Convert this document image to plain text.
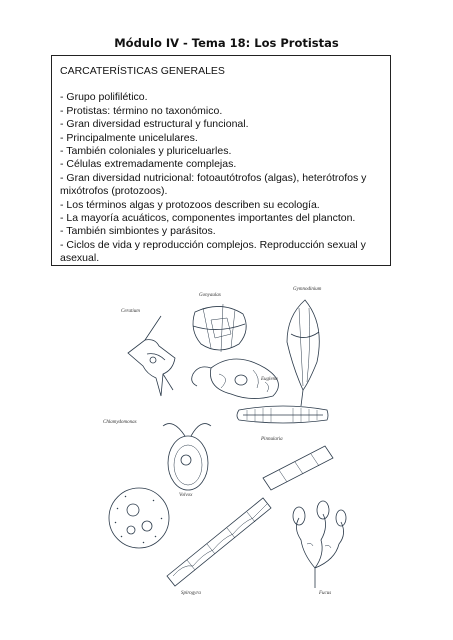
Módulo IV - Tema 18: Los Protistas
CARCATERÍSTICAS GENERALES
- Grupo polifilético.
- Protistas: término no taxonómico.
- Gran diversidad estructural y funcional.
- Principalmente unicelulares.
- También coloniales y pluriceluarles.
- Células extremadamente complejas.
- Gran diversidad nutricional: fotoautótrofos (algas), heterótrofos y mixótrofos (protozoos).
- Los términos algas y protozoos describen su ecología.
- La mayoría acuáticos, componentes importantes del plancton.
- También simbiontes y parásitos.
- Ciclos de vida y reproducción complejos. Reproducción sexual y asexual.
Gonyaulax
Ceratium
Gymnodinium
Euglena
Chlamydomonas
Pinnularia
Volvox
Spirogyra	Fucus
